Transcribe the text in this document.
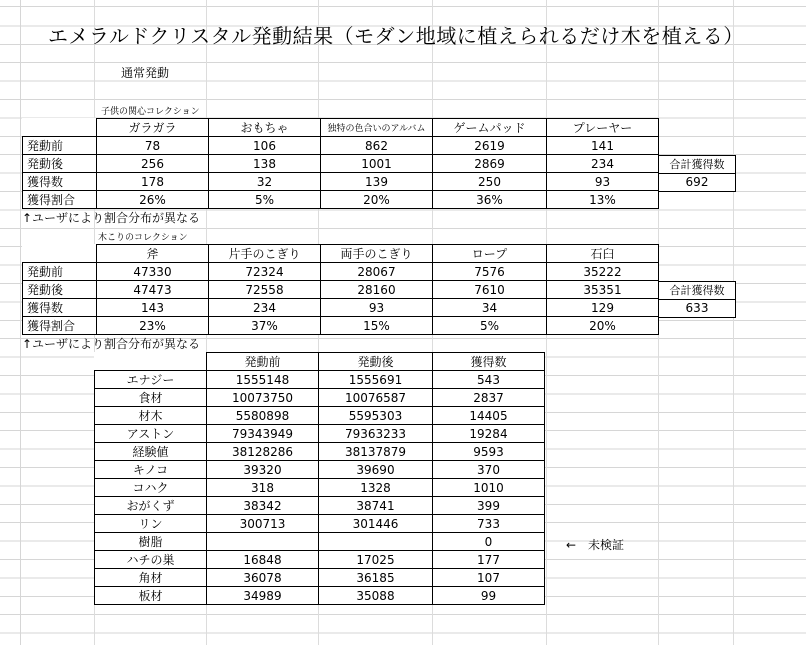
エメラルドクリスタル発動結果（モダン地域に植えられるだけ木を植える）
通常発動
子供の関心コレクション
	ガラガラ	おもちゃ	独特の色合いのアルバム	ゲームパッド	プレーヤー
発動前	78	106	862	2619	141
発動後	256	138	1001	2869	234
獲得数	178	32	139	250	93
獲得割合	26%	5%	20%	36%	13%
合計獲得数
692
↑ユーザにより割合分布が異なる
木こりのコレクション
	斧	片手のこぎり	両手のこぎり	ロープ	石臼
発動前	47330	72324	28067	7576	35222
発動後	47473	72558	28160	7610	35351
獲得数	143	234	93	34	129
獲得割合	23%	37%	15%	5%	20%
合計獲得数
633
↑ユーザにより割合分布が異なる
	発動前	発動後	獲得数
エナジー	1555148	1555691	543
食材	10073750	10076587	2837
材木	5580898	5595303	14405
アストン	79343949	79363233	19284
経験値	38128286	38137879	9593
キノコ	39320	39690	370
コハク	318	1328	1010
おがくず	38342	38741	399
リン	300713	301446	733
樹脂			0
ハチの巣	16848	17025	177
角材	36078	36185	107
板材	34989	35088	99
←　未検証
